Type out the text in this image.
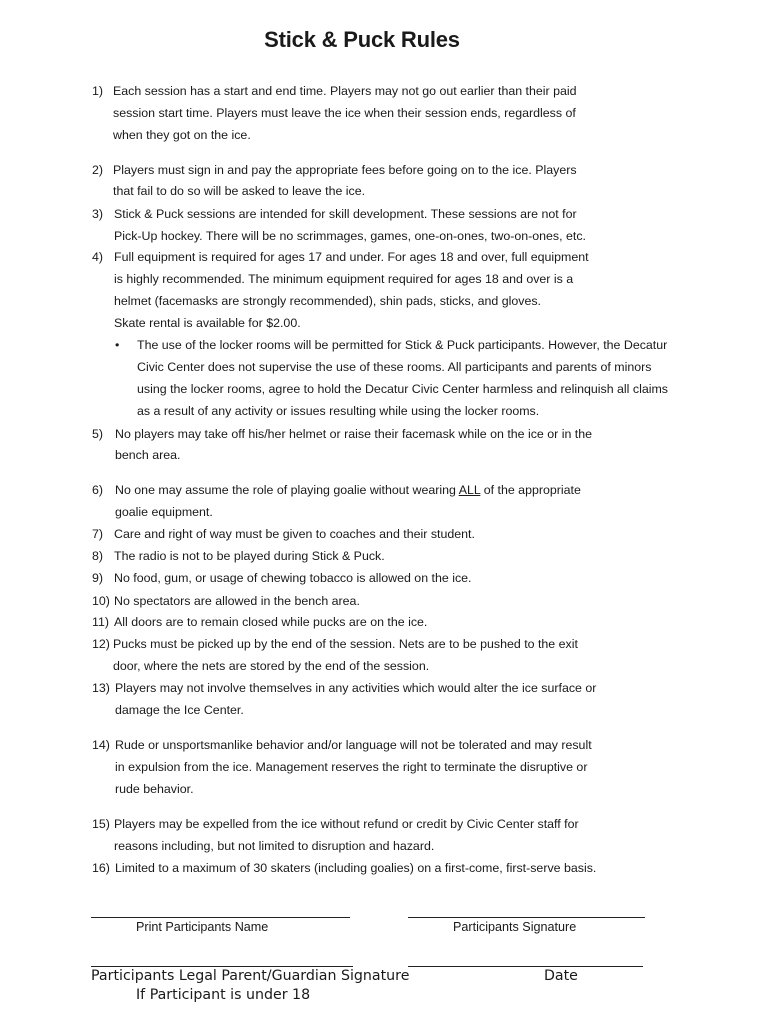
Stick & Puck Rules
1) Each session has a start and end time. Players may not go out earlier than their paid
session start time. Players must leave the ice when their session ends, regardless of
when they got on the ice.
2) Players must sign in and pay the appropriate fees before going on to the ice. Players
that fail to do so will be asked to leave the ice.
3) Stick & Puck sessions are intended for skill development. These sessions are not for
Pick-Up hockey. There will be no scrimmages, games, one-on-ones, two-on-ones, etc.
4) Full equipment is required for ages 17 and under. For ages 18 and over, full equipment
is highly recommended. The minimum equipment required for ages 18 and over is a
helmet (facemasks are strongly recommended), shin pads, sticks, and gloves.
Skate rental is available for $2.00.
• The use of the locker rooms will be permitted for Stick & Puck participants. However, the Decatur
Civic Center does not supervise the use of these rooms. All participants and parents of minors
using the locker rooms, agree to hold the Decatur Civic Center harmless and relinquish all claims
as a result of any activity or issues resulting while using the locker rooms.
5) No players may take off his/her helmet or raise their facemask while on the ice or in the
bench area.
6) No one may assume the role of playing goalie without wearing ALL of the appropriate
goalie equipment.
7) Care and right of way must be given to coaches and their student.
8) The radio is not to be played during Stick & Puck.
9) No food, gum, or usage of chewing tobacco is allowed on the ice.
10) No spectators are allowed in the bench area.
11) All doors are to remain closed while pucks are on the ice.
12) Pucks must be picked up by the end of the session. Nets are to be pushed to the exit
door, where the nets are stored by the end of the session.
13) Players may not involve themselves in any activities which would alter the ice surface or
damage the Ice Center.
14) Rude or unsportsmanlike behavior and/or language will not be tolerated and may result
in expulsion from the ice. Management reserves the right to terminate the disruptive or
rude behavior.
15) Players may be expelled from the ice without refund or credit by Civic Center staff for
reasons including, but not limited to disruption and hazard.
16) Limited to a maximum of 30 skaters (including goalies) on a first-come, first-serve basis.
Print Participants Name	Participants Signature
Participants Legal Parent/Guardian Signature	Date
If Participant is under 18
